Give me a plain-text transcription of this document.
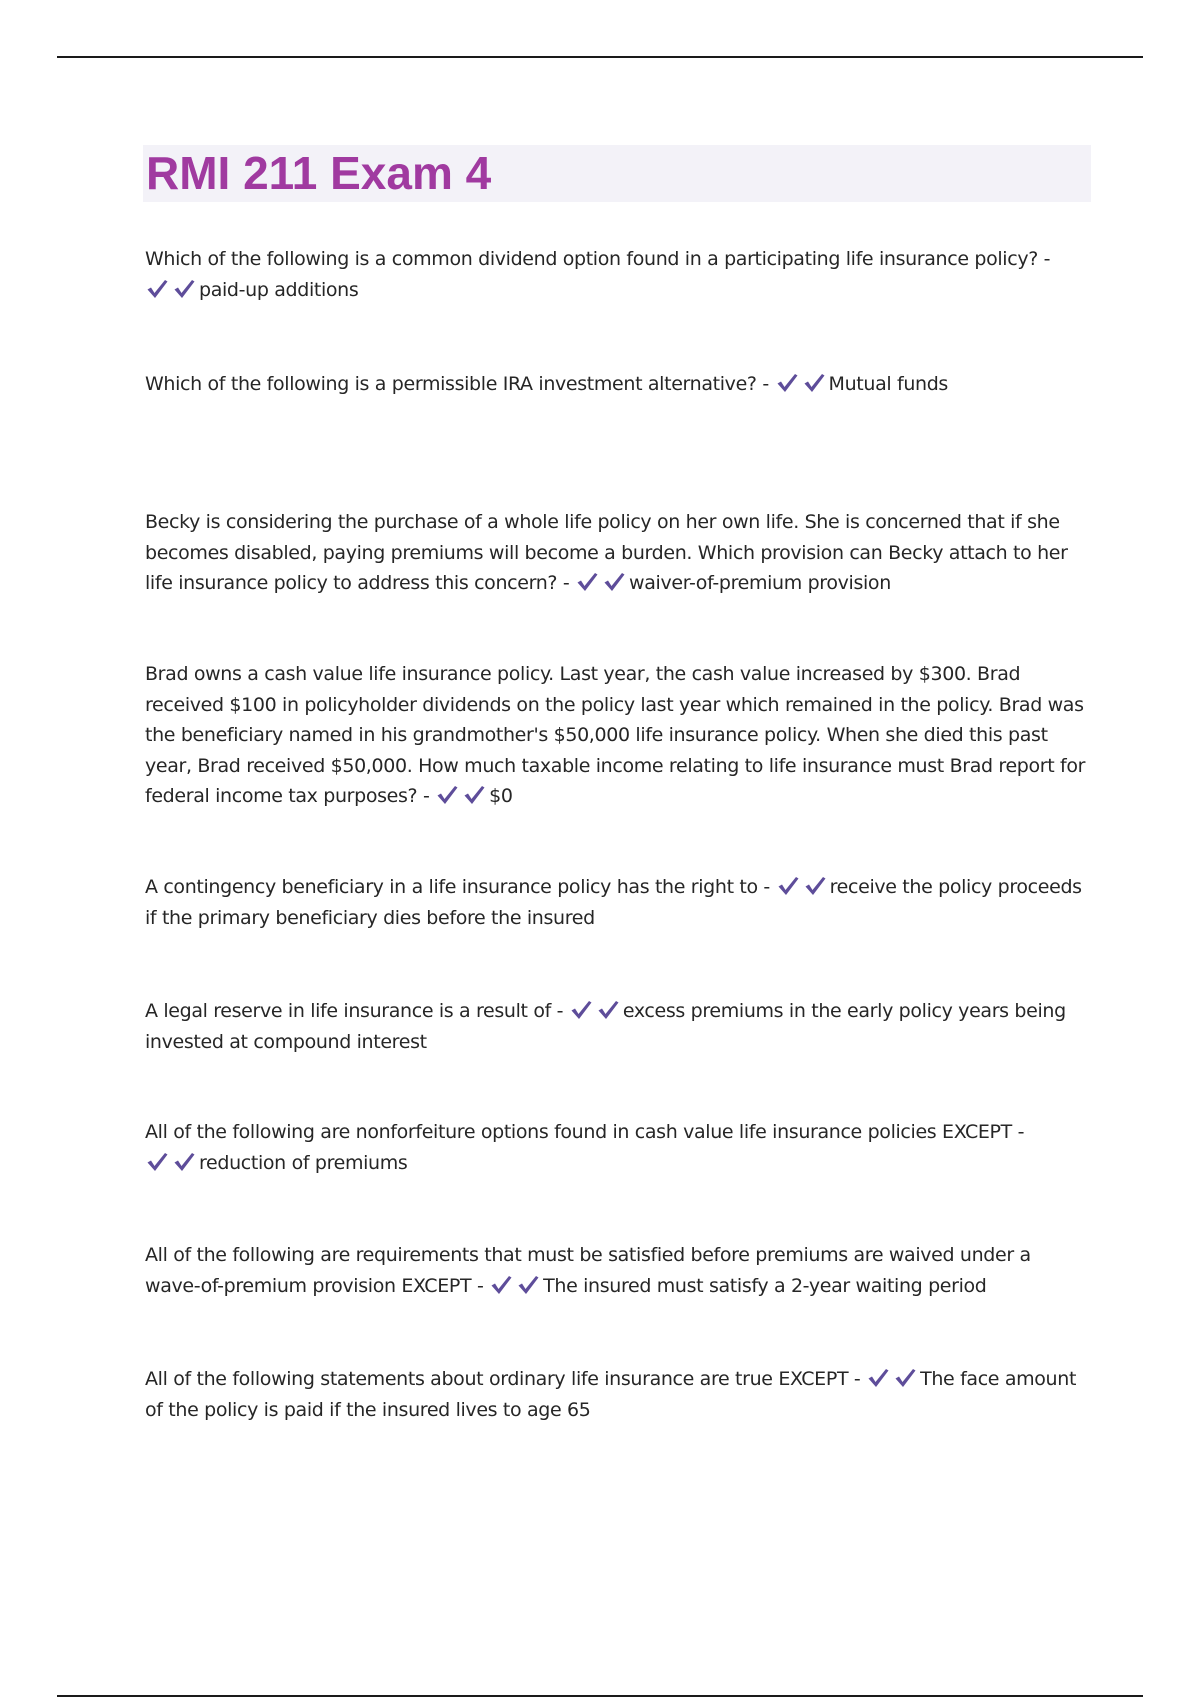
RMI 211 Exam 4

Which of the following is a common dividend option found in a participating life insurance policy? -
paid-up additions

Which of the following is a permissible IRA investment alternative? -	Mutual funds

Becky is considering the purchase of a whole life policy on her own life. She is concerned that if she becomes disabled, paying premiums will become a burden. Which provision can Becky attach to her life insurance policy to address this concern? -	waiver-of-premium provision

Brad owns a cash value life insurance policy. Last year, the cash value increased by $300. Brad received $100 in policyholder dividends on the policy last year which remained in the policy. Brad was the beneficiary named in his grandmother's $50,000 life insurance policy. When she died this past year, Brad received $50,000. How much taxable income relating to life insurance must Brad report for federal income tax purposes? -	$0

A contingency beneficiary in a life insurance policy has the right to -	receive the policy proceeds if the primary beneficiary dies before the insured

A legal reserve in life insurance is a result of -	excess premiums in the early policy years being invested at compound interest

All of the following are nonforfeiture options found in cash value life insurance policies EXCEPT -
reduction of premiums

All of the following are requirements that must be satisfied before premiums are waived under a wave-of-premium provision EXCEPT -	The insured must satisfy a 2-year waiting period

All of the following statements about ordinary life insurance are true EXCEPT -	The face amount of the policy is paid if the insured lives to age 65
